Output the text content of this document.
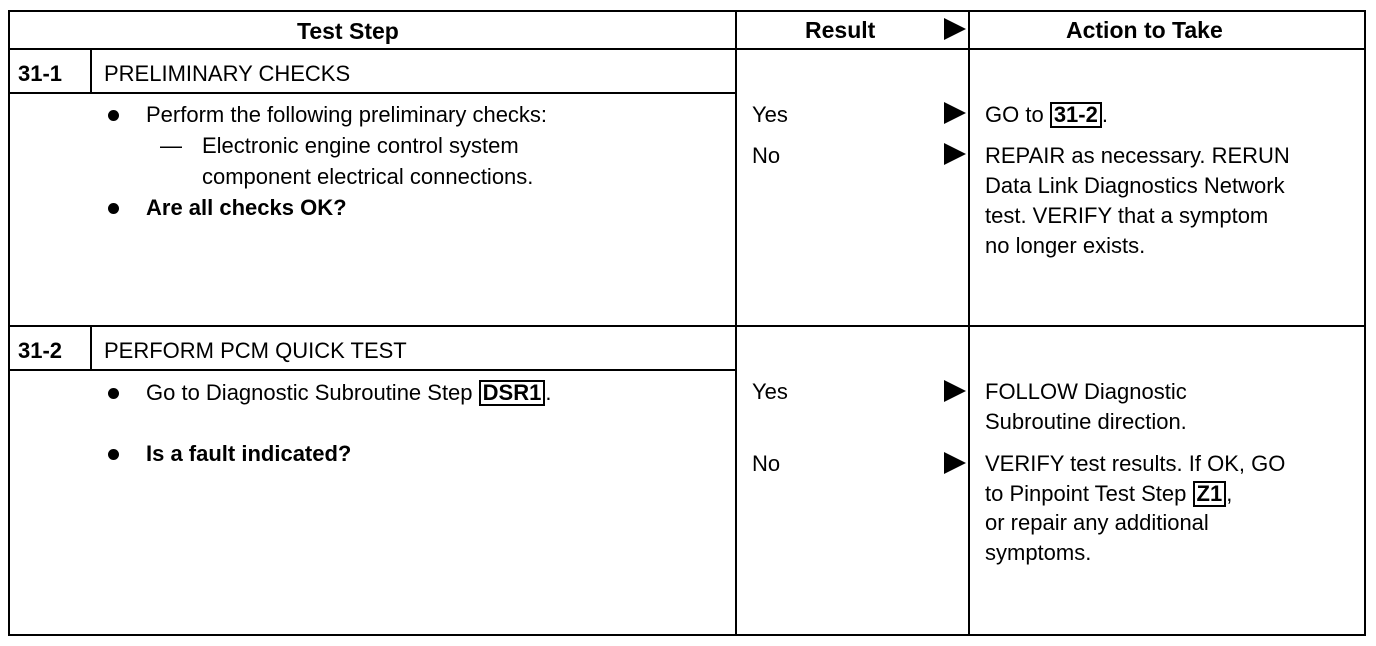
Test Step	Result	Action to Take
31-1 PRELIMINARY CHECKS
Perform the following preliminary checks:
— Electronic engine control system
component electrical connections.
Are all checks OK?
Yes
No
GO to 31-2 .
REPAIR as necessary. RERUN
Data Link Diagnostics Network
test. VERIFY that a symptom
no longer exists.
31-2 PERFORM PCM QUICK TEST
Go to Diagnostic Subroutine Step DSR1 .
Is a fault indicated?
Yes
No
FOLLOW Diagnostic
Subroutine direction.
VERIFY test results. If OK, GO
to Pinpoint Test Step Z1 ,
or repair any additional
symptoms.
